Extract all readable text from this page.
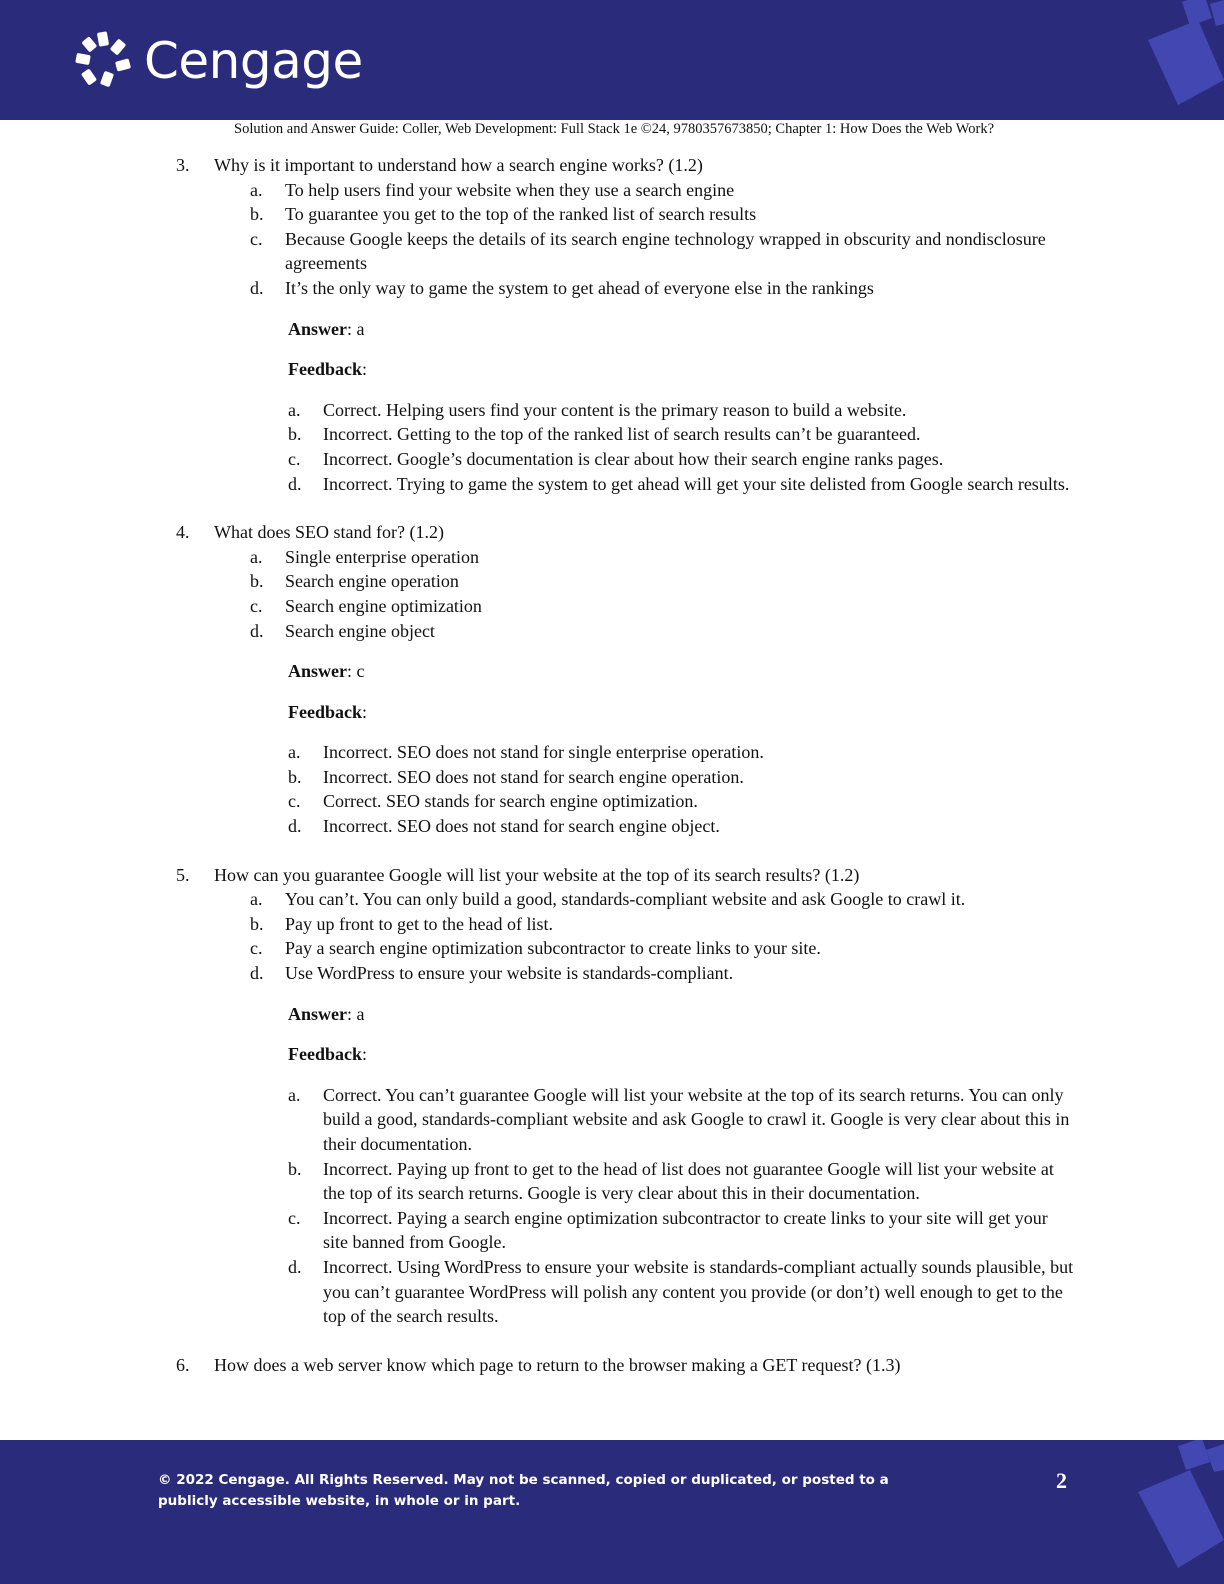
Cengage
Solution and Answer Guide: Coller, Web Development: Full Stack 1e ©24, 9780357673850; Chapter 1: How Does the Web Work?
3. Why is it important to understand how a search engine works? (1.2)
a. To help users find your website when they use a search engine
b. To guarantee you get to the top of the ranked list of search results
c. Because Google keeps the details of its search engine technology wrapped in obscurity and nondisclosure agreements
d. It’s the only way to game the system to get ahead of everyone else in the rankings
Answer: a
Feedback:
a. Correct. Helping users find your content is the primary reason to build a website.
b. Incorrect. Getting to the top of the ranked list of search results can’t be guaranteed.
c. Incorrect. Google’s documentation is clear about how their search engine ranks pages.
d. Incorrect. Trying to game the system to get ahead will get your site delisted from Google search results.
4. What does SEO stand for? (1.2)
a. Single enterprise operation
b. Search engine operation
c. Search engine optimization
d. Search engine object
Answer: c
Feedback:
a. Incorrect. SEO does not stand for single enterprise operation.
b. Incorrect. SEO does not stand for search engine operation.
c. Correct. SEO stands for search engine optimization.
d. Incorrect. SEO does not stand for search engine object.
5. How can you guarantee Google will list your website at the top of its search results? (1.2)
a. You can’t. You can only build a good, standards-compliant website and ask Google to crawl it.
b. Pay up front to get to the head of list.
c. Pay a search engine optimization subcontractor to create links to your site.
d. Use WordPress to ensure your website is standards-compliant.
Answer: a
Feedback:
a. Correct. You can’t guarantee Google will list your website at the top of its search returns. You can only build a good, standards-compliant website and ask Google to crawl it. Google is very clear about this in their documentation.
b. Incorrect. Paying up front to get to the head of list does not guarantee Google will list your website at the top of its search returns. Google is very clear about this in their documentation.
c. Incorrect. Paying a search engine optimization subcontractor to create links to your site will get your site banned from Google.
d. Incorrect. Using WordPress to ensure your website is standards-compliant actually sounds plausible, but you can’t guarantee WordPress will polish any content you provide (or don’t) well enough to get to the top of the search results.
6. How does a web server know which page to return to the browser making a GET request? (1.3)
© 2022 Cengage. All Rights Reserved. May not be scanned, copied or duplicated, or posted to a publicly accessible website, in whole or in part.
2
